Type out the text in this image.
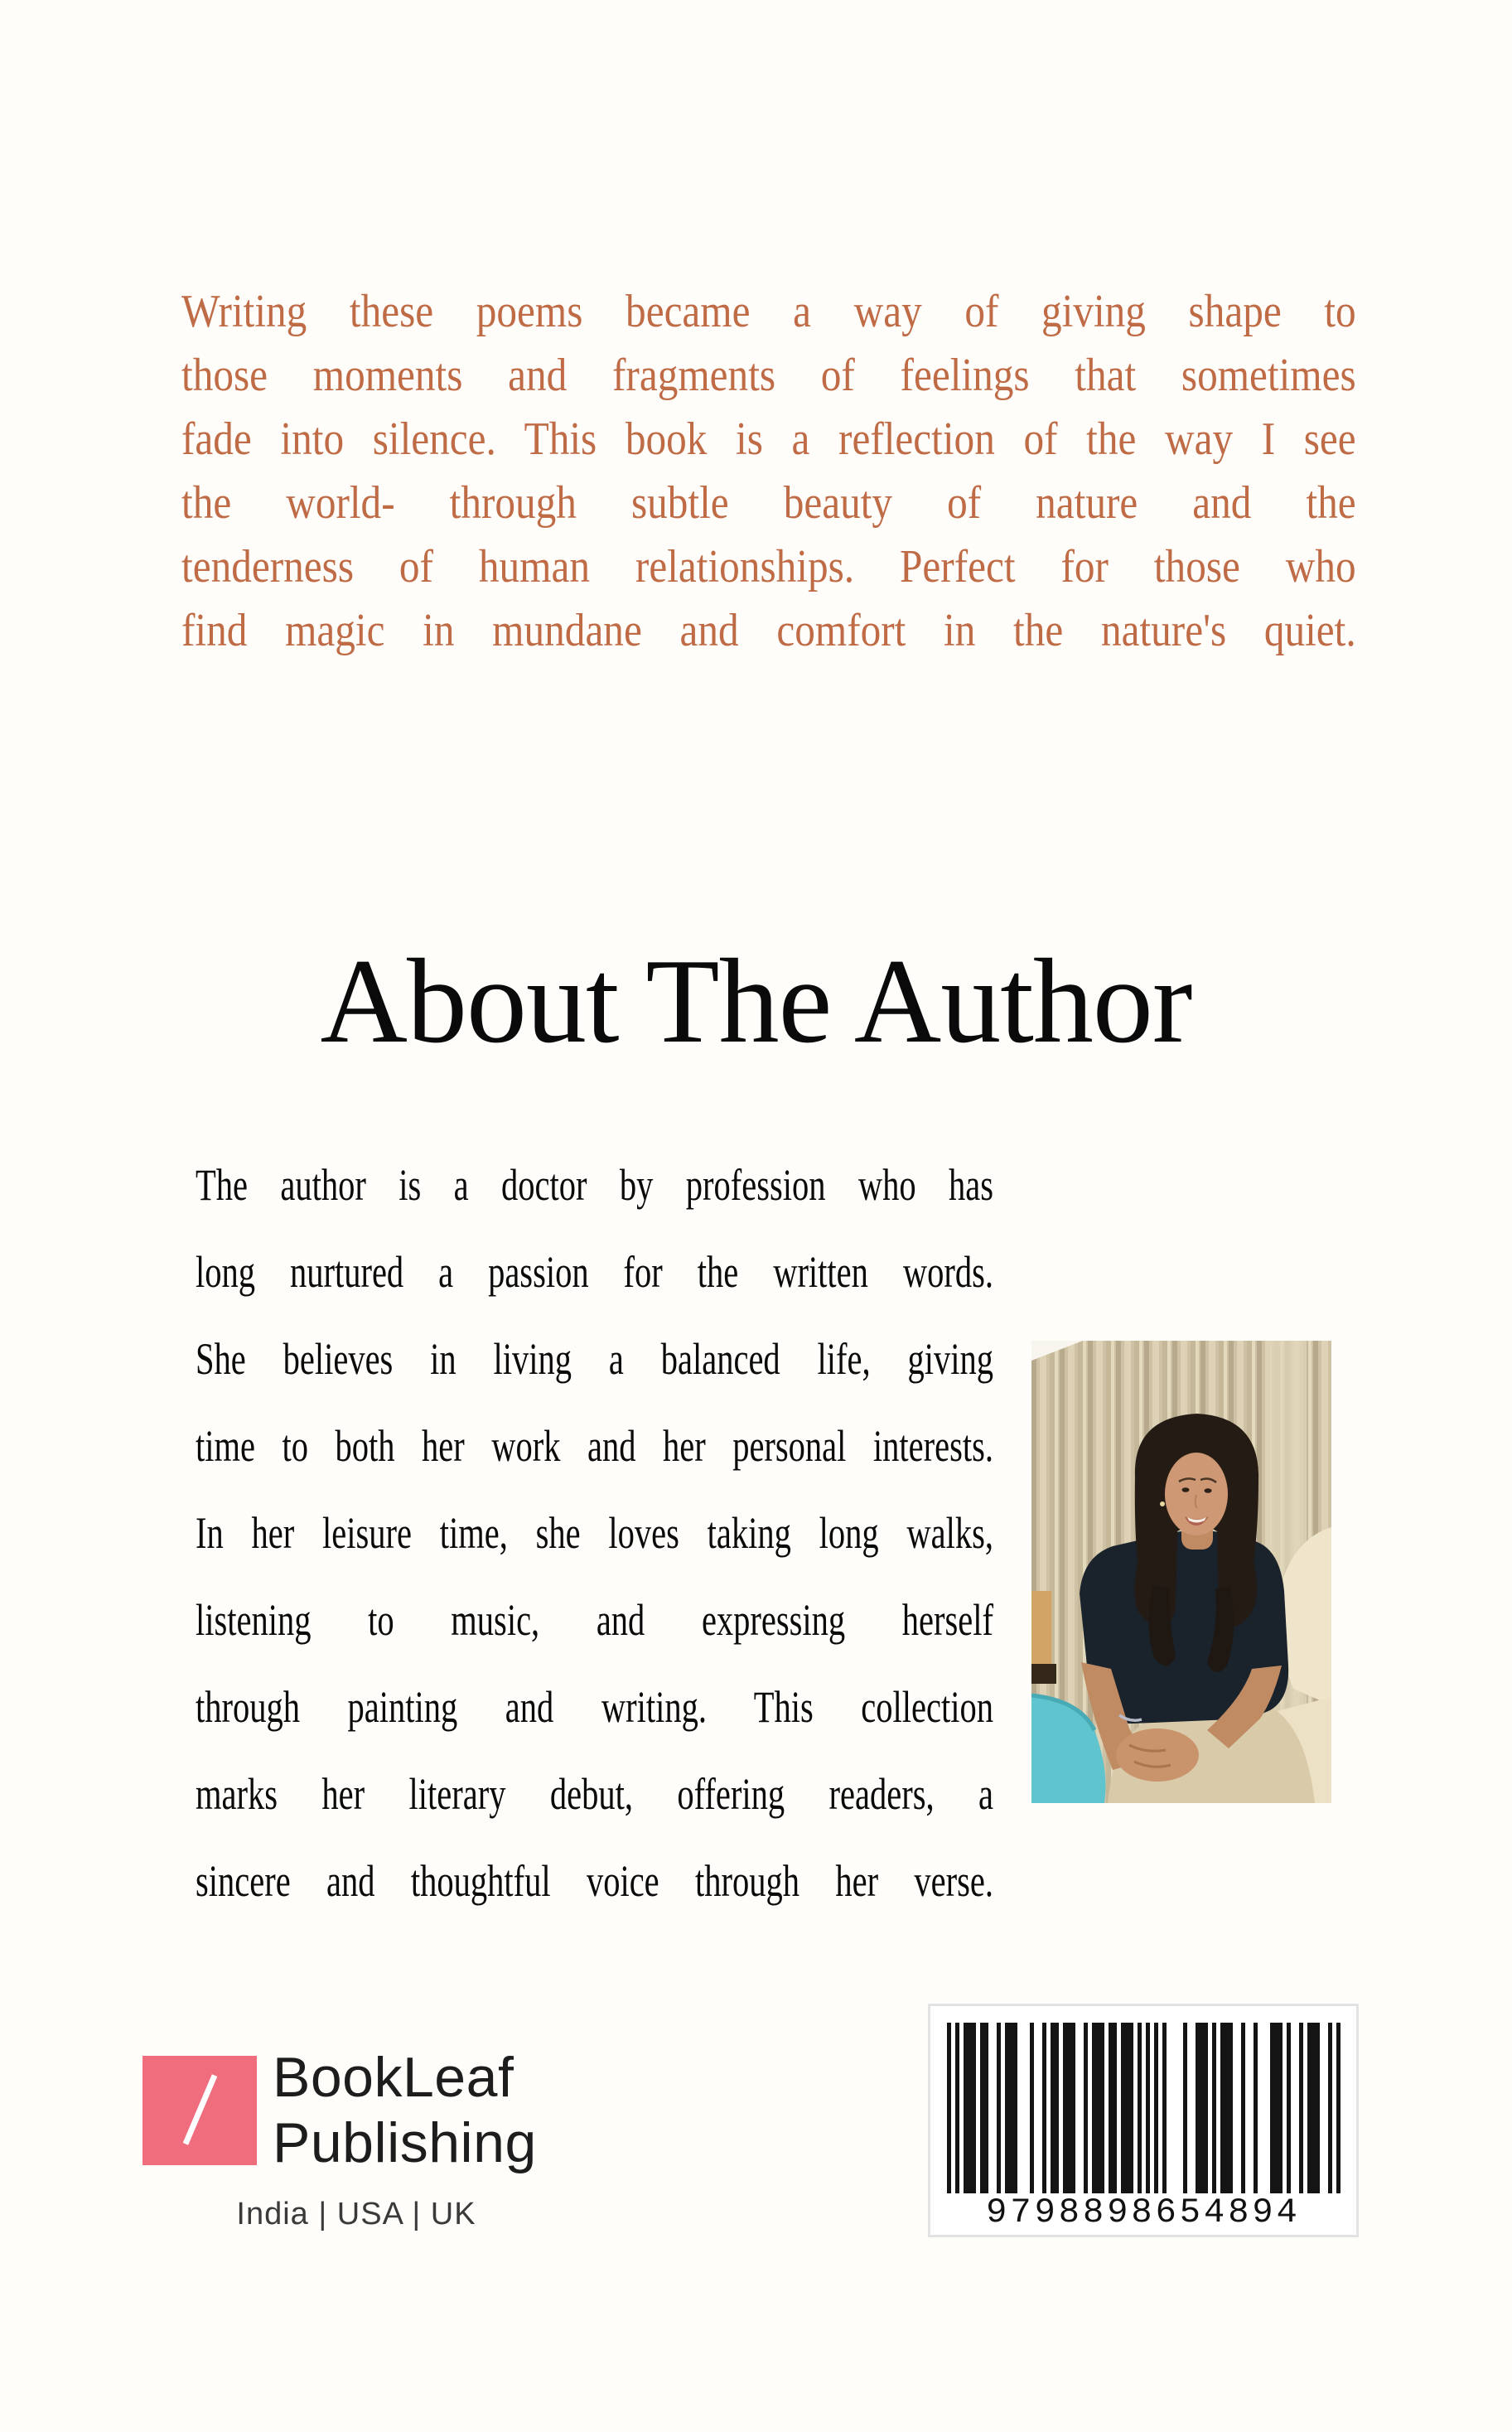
Writing these poems became a way of giving shape to
those moments and fragments of feelings that sometimes
fade into silence. This book is a reflection of the way I see
the world- through subtle beauty of nature and the
tenderness of human relationships. Perfect for those who
find magic in mundane and comfort in the nature's quiet.
About The Author
The author is a doctor by profession who has
long nurtured a passion for the written words.
She believes in living a balanced life, giving
time to both her work and her personal interests.
In her leisure time, she loves taking long walks,
listening to music, and expressing herself
through painting and writing. This collection
marks her literary debut, offering readers, a
sincere and thoughtful voice through her verse.
BookLeaf
Publishing
India | USA | UK	9798898654894
